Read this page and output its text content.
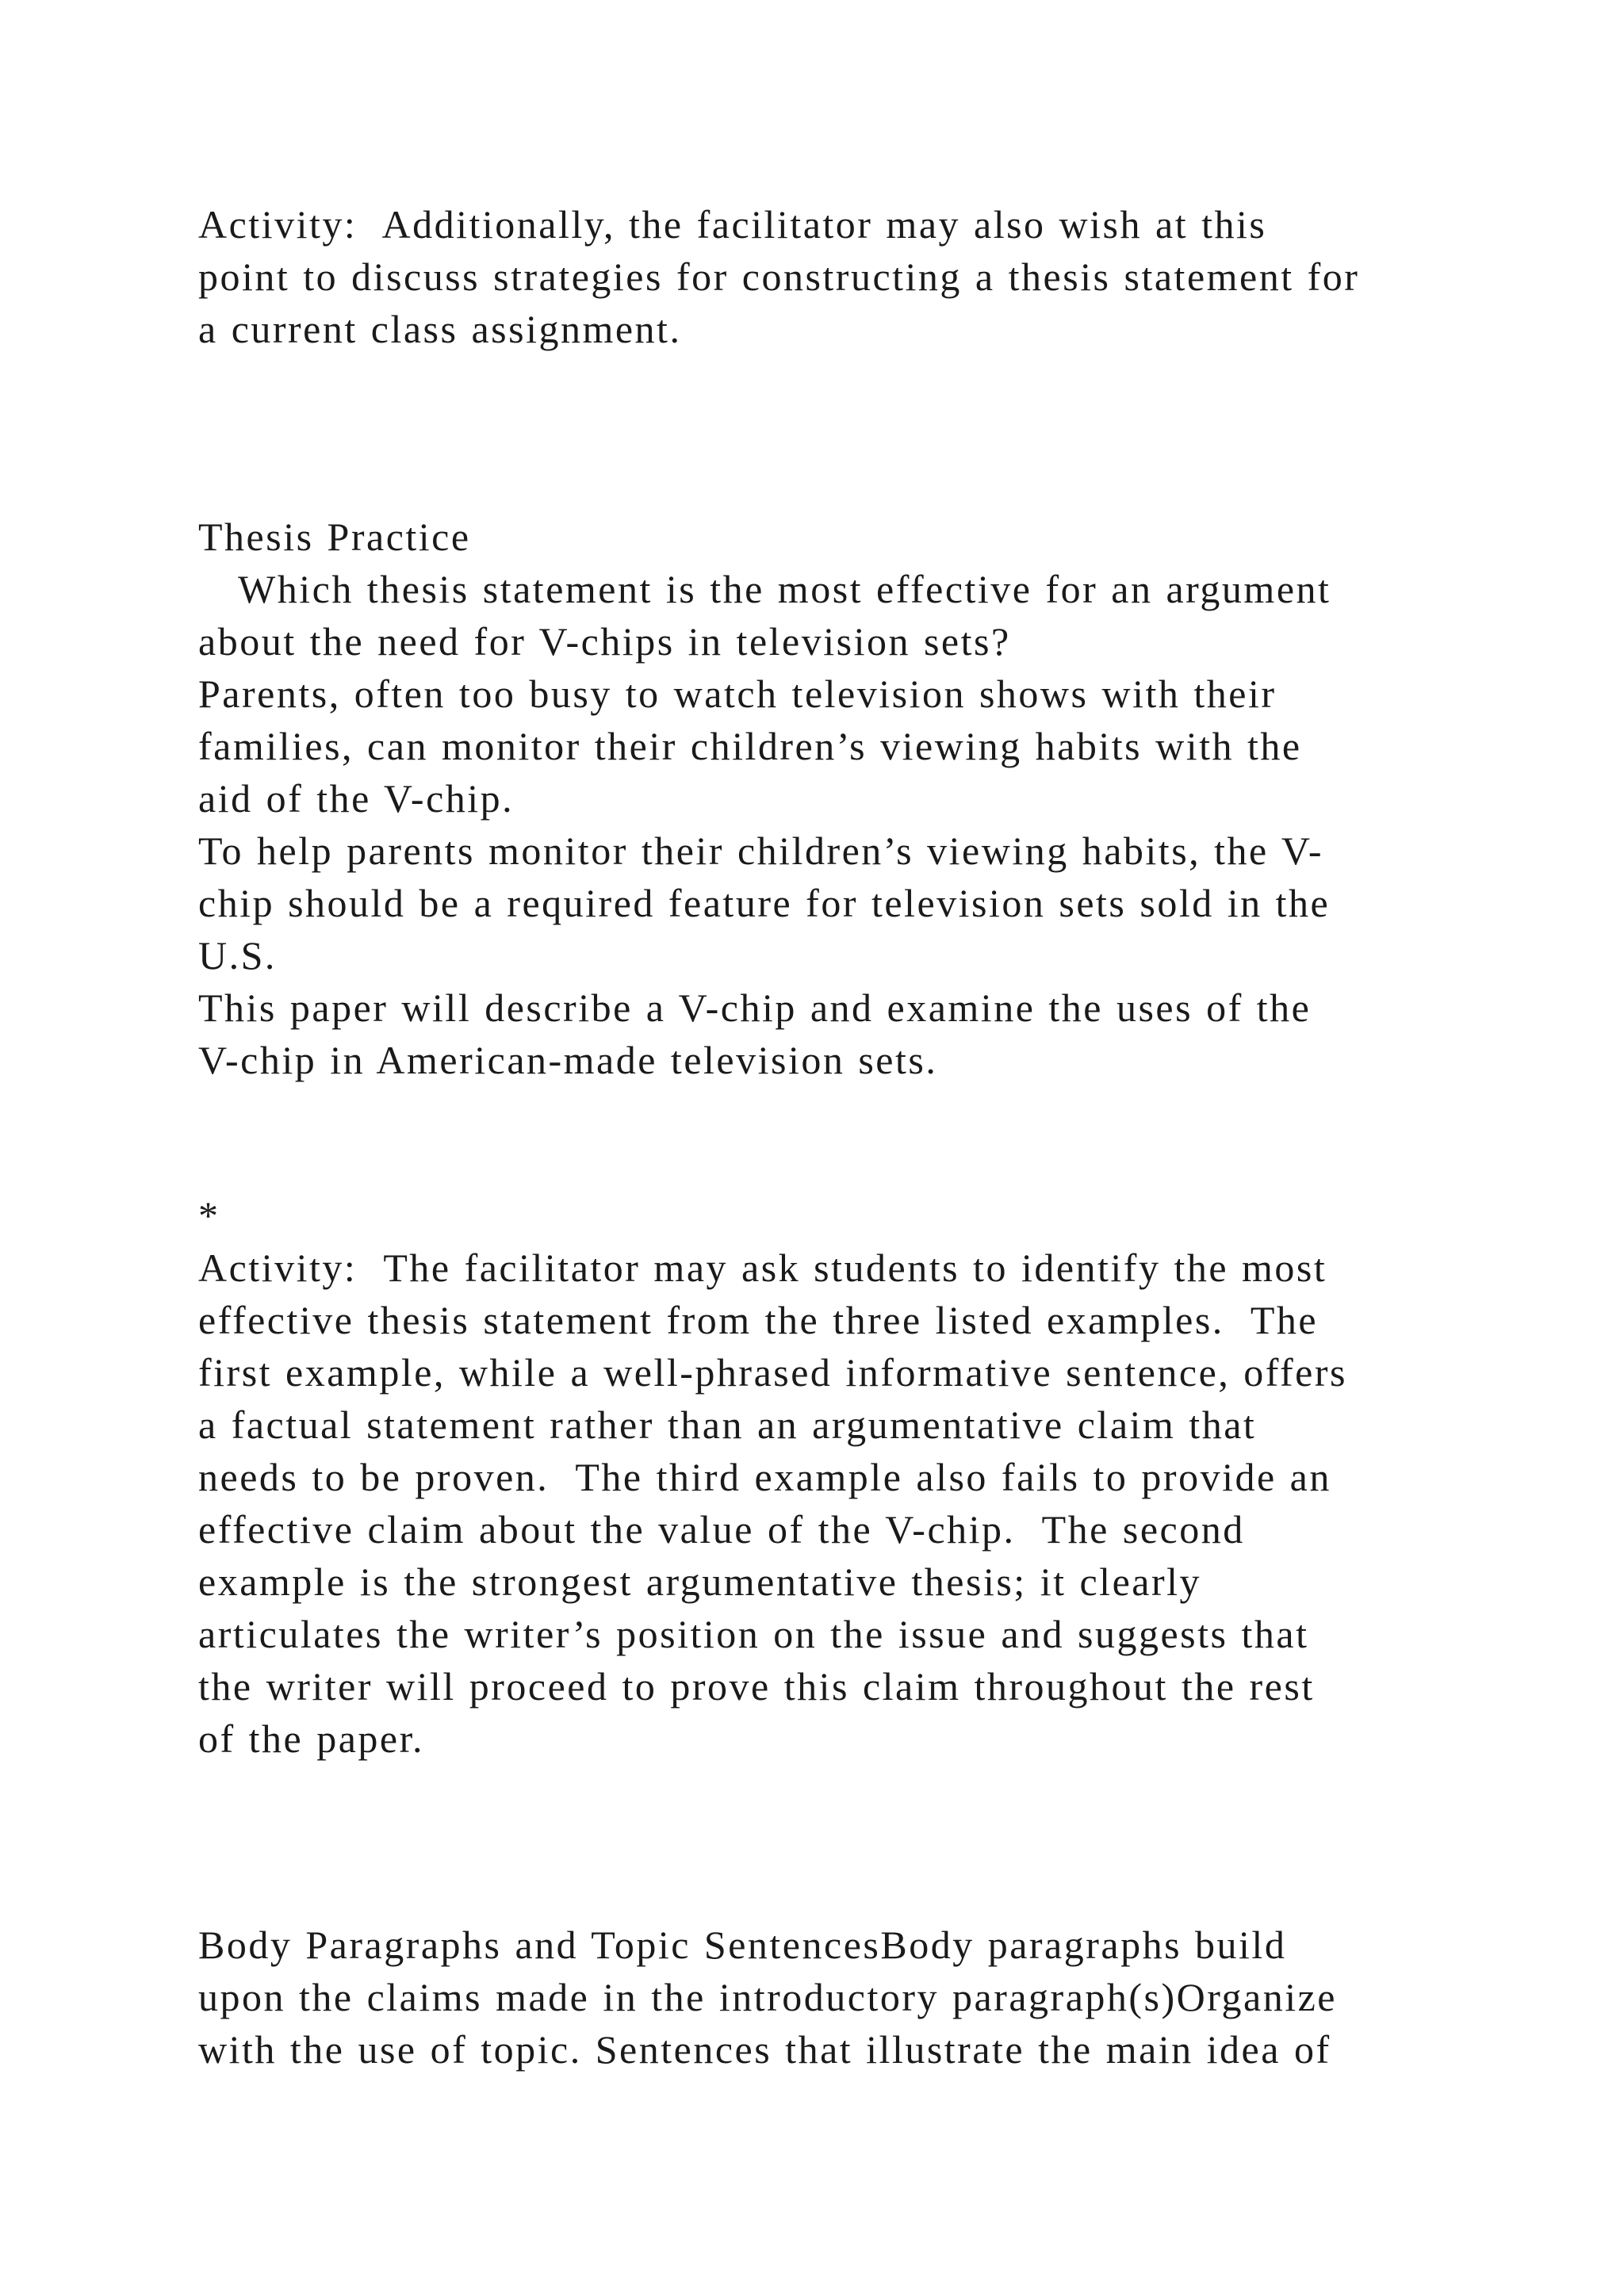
Activity:  Additionally, the facilitator may also wish at this
point to discuss strategies for constructing a thesis statement for
a current class assignment.
Thesis Practice
Which thesis statement is the most effective for an argument
about the need for V-chips in television sets?
Parents, often too busy to watch television shows with their
families, can monitor their children’s viewing habits with the
aid of the V-chip.
To help parents monitor their children’s viewing habits, the V-
chip should be a required feature for television sets sold in the
U.S.
This paper will describe a V-chip and examine the uses of the
V-chip in American-made television sets.
*
Activity:  The facilitator may ask students to identify the most
effective thesis statement from the three listed examples.  The
first example, while a well-phrased informative sentence, offers
a factual statement rather than an argumentative claim that
needs to be proven.  The third example also fails to provide an
effective claim about the value of the V-chip.  The second
example is the strongest argumentative thesis; it clearly
articulates the writer’s position on the issue and suggests that
the writer will proceed to prove this claim throughout the rest
of the paper.
Body Paragraphs and Topic SentencesBody paragraphs build
upon the claims made in the introductory paragraph(s)Organize
with the use of topic. Sentences that illustrate the main idea of
